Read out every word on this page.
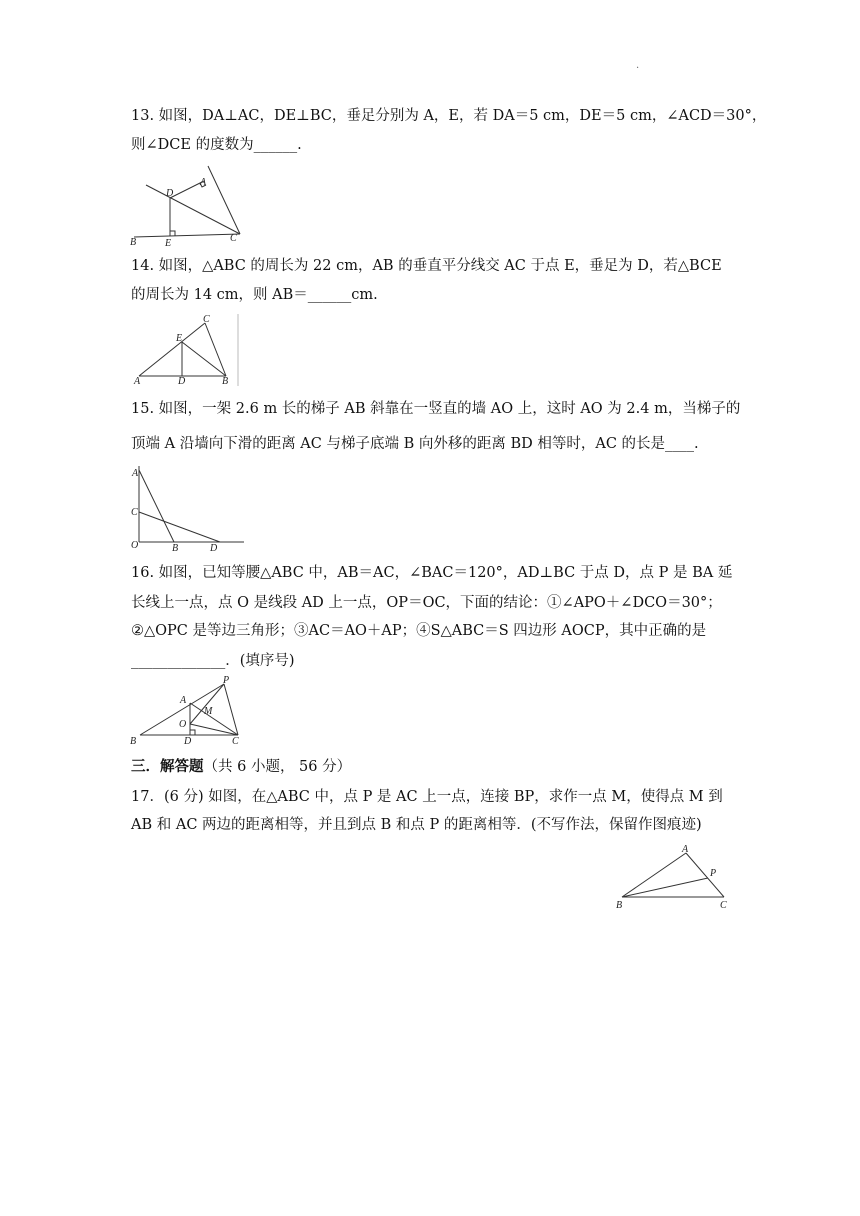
.
13. 如图，DA⊥AC，DE⊥BC，垂足分别为 A，E，若 DA＝5 cm，DE＝5 cm，∠ACD＝30°，
则∠DCE 的度数为______.
A
D
B	E	C
14. 如图，△ABC 的周长为 22 cm，AB 的垂直平分线交 AC 于点 E，垂足为 D，若△BCE
的周长为 14 cm，则 AB＝______cm.
C
E
A	D	B
15. 如图，一架 2.6 m 长的梯子 AB 斜靠在一竖直的墙 AO 上，这时 AO 为 2.4 m，当梯子的
顶端 A 沿墙向下滑的距离 AC 与梯子底端 B 向外移的距离 BD 相等时，AC 的长是____.
A
C
O	B	D
16. 如图，已知等腰△ABC 中，AB＝AC，∠BAC＝120°，AD⊥BC 于点 D，点 P 是 BA 延
长线上一点，点 O 是线段 AD 上一点，OP＝OC，下面的结论：①∠APO＋∠DCO＝30°；
②△OPC 是等边三角形；③AC＝AO＋AP；④S△ABC＝S 四边形 AOCP，其中正确的是
_____________．(填序号)
P
A
M
O
B	D	C
三．解答题（共 6 小题， 56 分）
17．(6 分) 如图，在△ABC 中，点 P 是 AC 上一点，连接 BP，求作一点 M，使得点 M 到
AB 和 AC 两边的距离相等，并且到点 B 和点 P 的距离相等．(不写作法，保留作图痕迹)
A
P
B	C
